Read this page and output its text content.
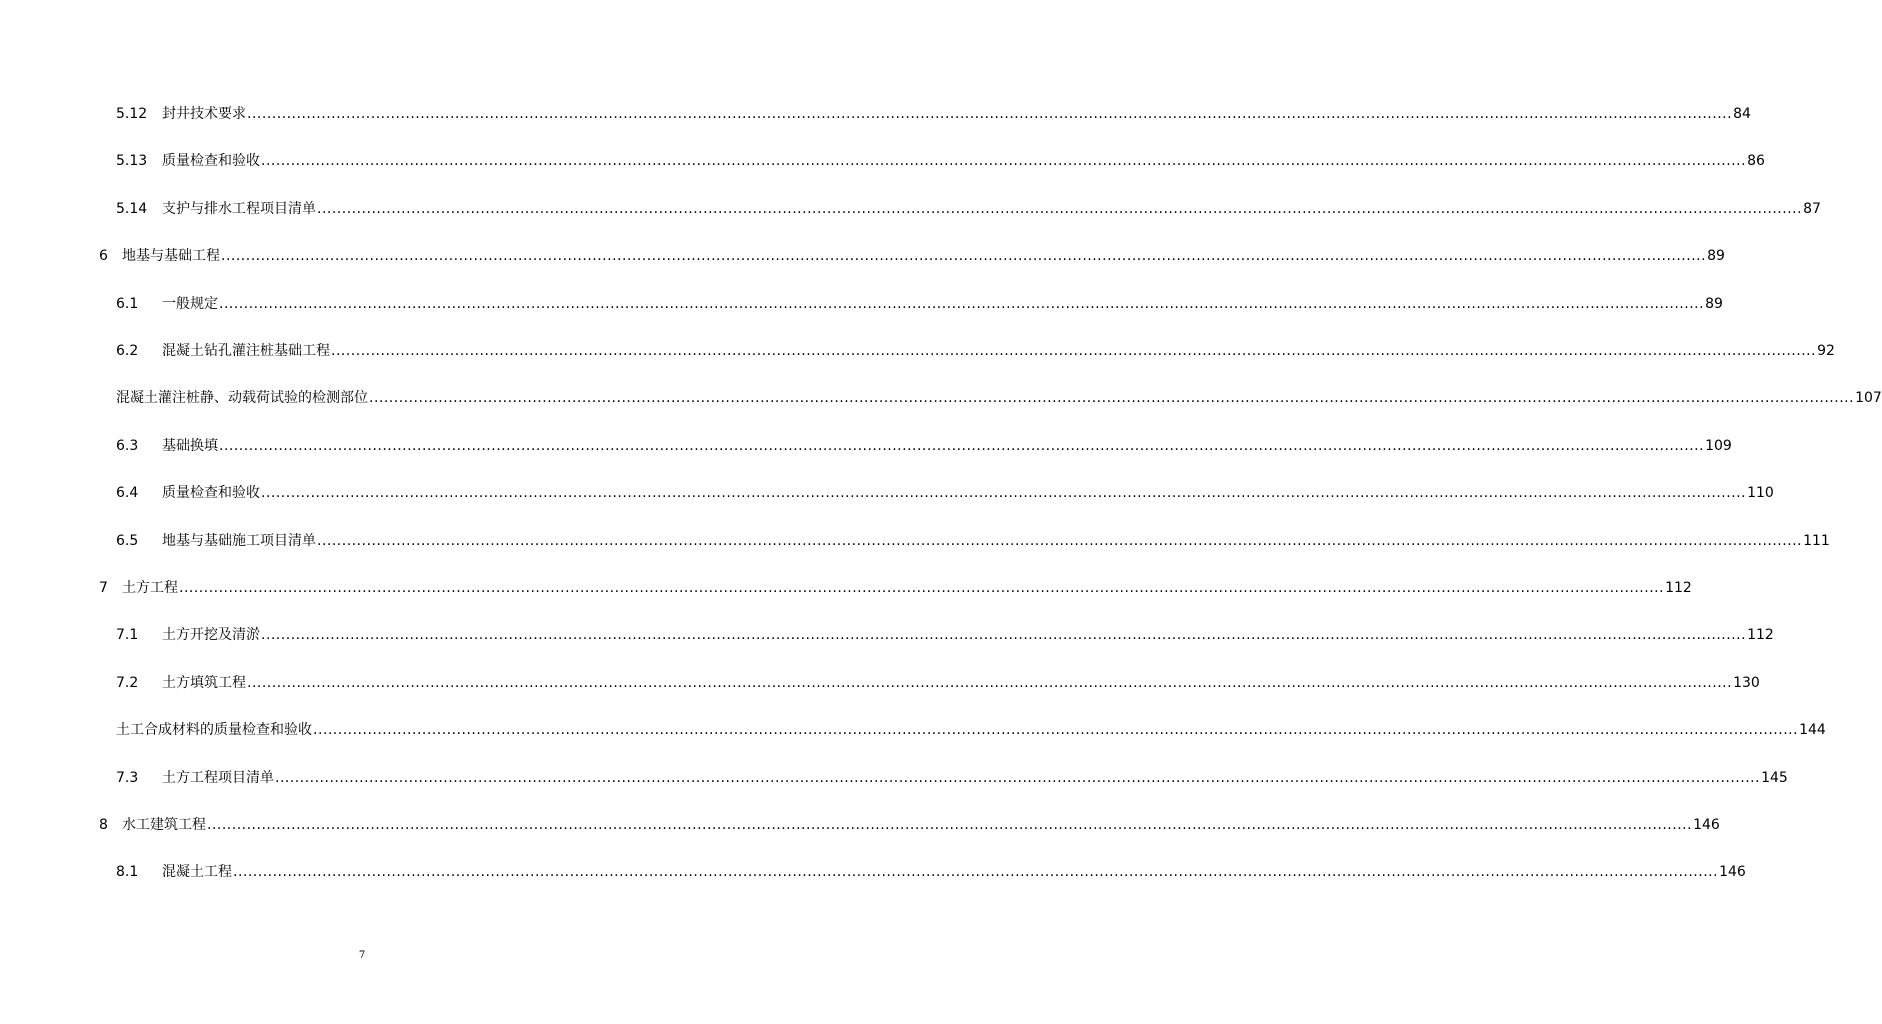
5.12	封井技术要求 ............................................................................................................................................................................................................................................................................................................ 84
5.13	质量检查和验收 ............................................................................................................................................................................................................................................................................................................ 86
5.14	支护与排水工程项目清单 ............................................................................................................................................................................................................................................................................................................ 87
6	地基与基础工程 ............................................................................................................................................................................................................................................................................................................ 89
6.1	一般规定 ............................................................................................................................................................................................................................................................................................................ 89
6.2	混凝土钻孔灌注桩基础工程 ............................................................................................................................................................................................................................................................................................................ 92
混凝土灌注桩静、动载荷试验的检测部位 ............................................................................................................................................................................................................................................................................................................ 107
6.3	基础换填 ............................................................................................................................................................................................................................................................................................................ 109
6.4	质量检查和验收 ............................................................................................................................................................................................................................................................................................................ 110
6.5	地基与基础施工项目清单 ............................................................................................................................................................................................................................................................................................................ 111
7	土方工程 ............................................................................................................................................................................................................................................................................................................ 112
7.1	土方开挖及清淤 ............................................................................................................................................................................................................................................................................................................ 112
7.2	土方填筑工程 ............................................................................................................................................................................................................................................................................................................ 130
土工合成材料的质量检查和验收 ............................................................................................................................................................................................................................................................................................................ 144
7.3	土方工程项目清单 ............................................................................................................................................................................................................................................................................................................ 145
8	水工建筑工程 ............................................................................................................................................................................................................................................................................................................ 146
8.1	混凝土工程 ............................................................................................................................................................................................................................................................................................................ 146
7
